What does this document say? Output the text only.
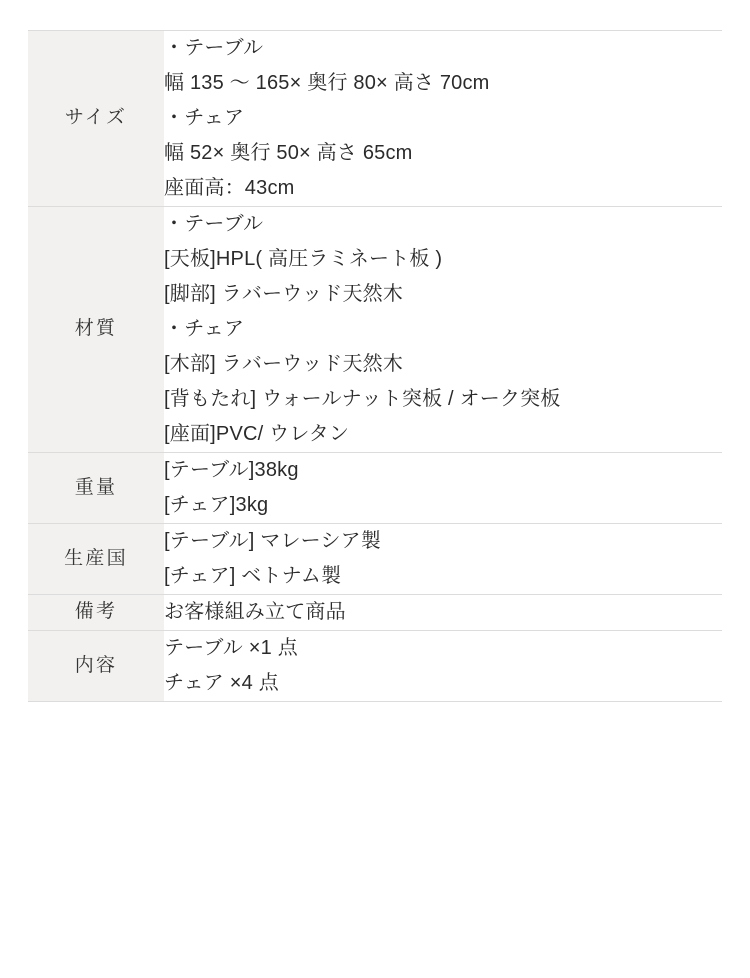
サイズ	・テーブル
幅 135 〜 165× 奥行 80× 高さ 70cm
・チェア
幅 52× 奥行 50× 高さ 65cm
座面高：43cm

材質	
・テーブル
[天板]HPL( 高圧ラミネート板 )
[脚部] ラバーウッド天然木
・チェア
[木部] ラバーウッド天然木
[背もたれ] ウォールナット突板 / オーク突板
[座面]PVC/ ウレタン

重量	[テーブル]38kg
[チェア]3kg

生産国	[テーブル] マレーシア製
[チェア] ベトナム製

備考	お客様組み立て商品

内容	テーブル ×1 点
チェア ×4 点
